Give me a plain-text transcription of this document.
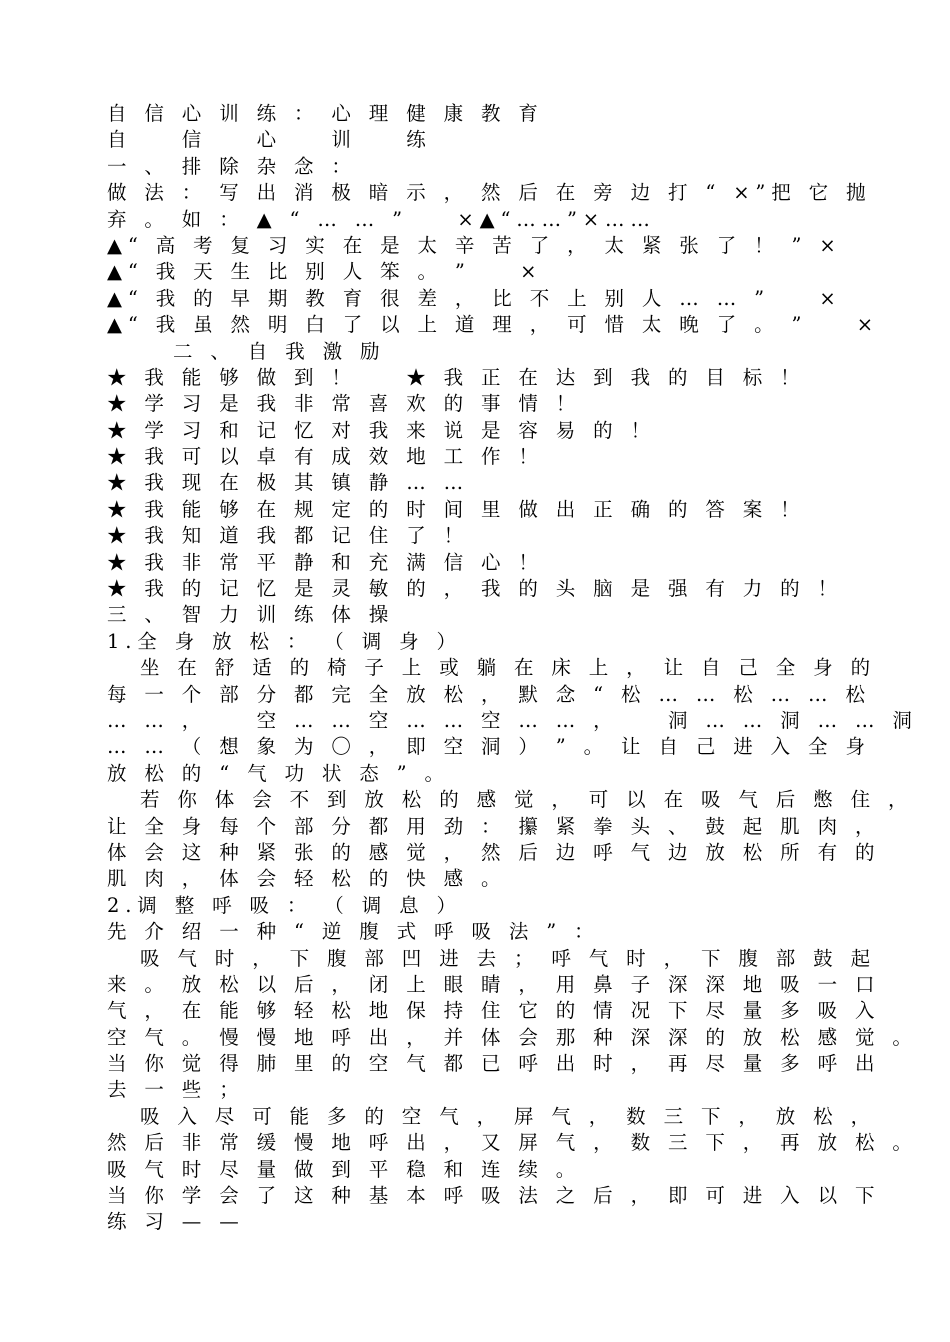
自 信 心 训 练 ： 心 理 健 康 教 育
自 　 信 　 心 　 训 　 练
一 、 排 除 杂 念 ：
做 法 ： 写 出 消 极 暗 示 ， 然 后 在 旁 边 打 “ ×”把 它 抛
弃 。 如 ： ▲ “ … … ” 　 ×▲“……”×……
▲“ 高 考 复 习 实 在 是 太 辛 苦 了 ， 太 紧 张 了 ！ ” ×
▲“ 我 天 生 比 别 人 笨 。 ” 　 ×
▲“ 我 的 早 期 教 育 很 差 ， 比 不 上 别 人 … … ” 　 ×
▲“ 我 虽 然 明 白 了 以 上 道 理 ， 可 惜 太 晚 了 。 ” 　 ×
二 、 自 我 激 励
★ 我 能 够 做 到 ！ 　 ★ 我 正 在 达 到 我 的 目 标 ！
★ 学 习 是 我 非 常 喜 欢 的 事 情 ！
★ 学 习 和 记 忆 对 我 来 说 是 容 易 的 ！
★ 我 可 以 卓 有 成 效 地 工 作 ！
★ 我 现 在 极 其 镇 静 … …
★ 我 能 够 在 规 定 的 时 间 里 做 出 正 确 的 答 案 ！
★ 我 知 道 我 都 记 住 了 ！
★ 我 非 常 平 静 和 充 满 信 心 ！
★ 我 的 记 忆 是 灵 敏 的 ， 我 的 头 脑 是 强 有 力 的 ！
三 、 智 力 训 练 体 操
1.全 身 放 松 ： （ 调 身 ）
坐 在 舒 适 的 椅 子 上 或 躺 在 床 上 ， 让 自 己 全 身 的
每 一 个 部 分 都 完 全 放 松 ， 默 念 “ 松 … … 松 … … 松
… … ， 　 空 … … 空 … … 空 … … ， 　 洞 … … 洞 … … 洞
… … （ 想 象 为 〇 ， 即 空 洞 ） ” 。 让 自 己 进 入 全 身
放 松 的 “ 气 功 状 态 ” 。
若 你 体 会 不 到 放 松 的 感 觉 ， 可 以 在 吸 气 后 憋 住 ，
让 全 身 每 个 部 分 都 用 劲 ： 攥 紧 拳 头 、 鼓 起 肌 肉 ，
体 会 这 种 紧 张 的 感 觉 ， 然 后 边 呼 气 边 放 松 所 有 的
肌 肉 ， 体 会 轻 松 的 快 感 。
2.调 整 呼 吸 ： （ 调 息 ）
先 介 绍 一 种 “ 逆 腹 式 呼 吸 法 ” ：
吸 气 时 ， 下 腹 部 凹 进 去 ； 呼 气 时 ， 下 腹 部 鼓 起
来 。 放 松 以 后 ， 闭 上 眼 睛 ， 用 鼻 子 深 深 地 吸 一 口
气 ， 在 能 够 轻 松 地 保 持 住 它 的 情 况 下 尽 量 多 吸 入
空 气 。 慢 慢 地 呼 出 ， 并 体 会 那 种 深 深 的 放 松 感 觉 。
当 你 觉 得 肺 里 的 空 气 都 已 呼 出 时 ， 再 尽 量 多 呼 出
去 一 些 ；
吸 入 尽 可 能 多 的 空 气 ， 屏 气 ， 数 三 下 ， 放 松 ，
然 后 非 常 缓 慢 地 呼 出 ， 又 屏 气 ， 数 三 下 ， 再 放 松 。
吸 气 时 尽 量 做 到 平 稳 和 连 续 。
当 你 学 会 了 这 种 基 本 呼 吸 法 之 后 ， 即 可 进 入 以 下
练 习 — —
